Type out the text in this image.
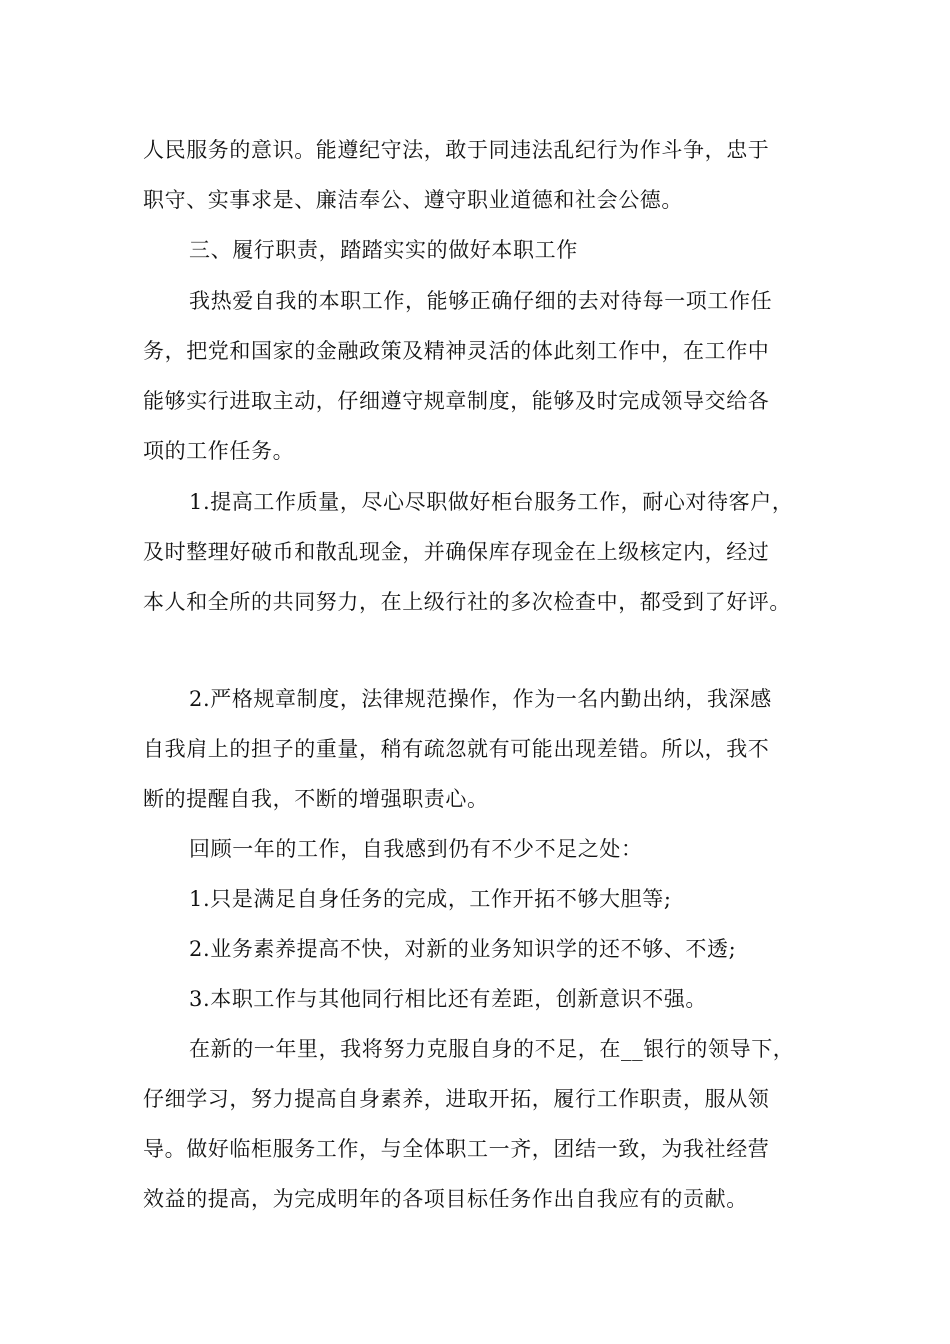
人民服务的意识。能遵纪守法，敢于同违法乱纪行为作斗争，忠于
职守、实事求是、廉洁奉公、遵守职业道德和社会公德。
三、履行职责，踏踏实实的做好本职工作
我热爱自我的本职工作，能够正确仔细的去对待每一项工作任
务，把党和国家的金融政策及精神灵活的体此刻工作中，在工作中
能够实行进取主动，仔细遵守规章制度，能够及时完成领导交给各
项的工作任务。
1.提高工作质量，尽心尽职做好柜台服务工作，耐心对待客户，
及时整理好破币和散乱现金，并确保库存现金在上级核定内，经过
本人和全所的共同努力，在上级行社的多次检查中，都受到了好评。
2.严格规章制度，法律规范操作，作为一名内勤出纳，我深感
自我肩上的担子的重量，稍有疏忽就有可能出现差错。所以，我不
断的提醒自我，不断的增强职责心。
回顾一年的工作，自我感到仍有不少不足之处：
1.只是满足自身任务的完成，工作开拓不够大胆等;
2.业务素养提高不快，对新的业务知识学的还不够、不透;
3.本职工作与其他同行相比还有差距，创新意识不强。
在新的一年里，我将努力克服自身的不足，在__银行的领导下，
仔细学习，努力提高自身素养，进取开拓，履行工作职责，服从领
导。做好临柜服务工作，与全体职工一齐，团结一致，为我社经营
效益的提高，为完成明年的各项目标任务作出自我应有的贡献。
